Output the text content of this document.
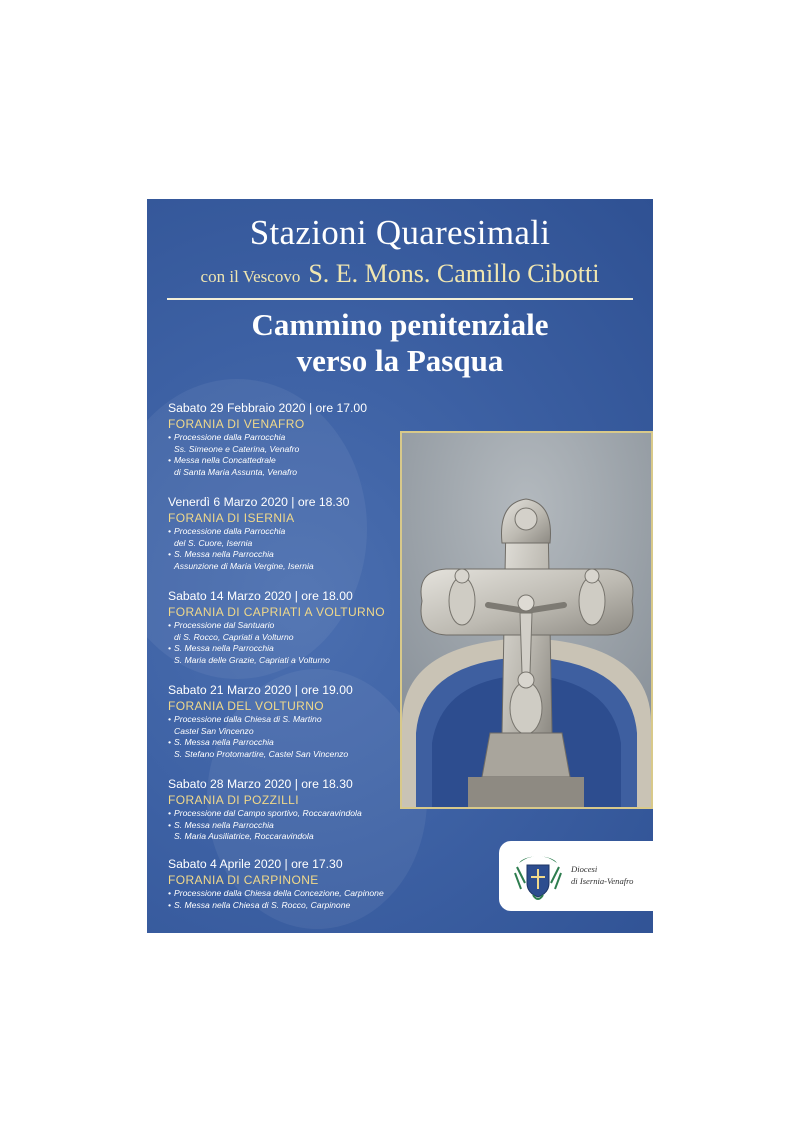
Stazioni Quaresimali
con il Vescovo S. E. Mons. Camillo Cibotti
Cammino penitenziale
verso la Pasqua
Sabato 29 Febbraio 2020 | ore 17.00
FORANIA DI VENAFRO
• Processione dalla Parrocchia
Ss. Simeone e Caterina, Venafro
• Messa nella Concattedrale
di Santa Maria Assunta, Venafro
Venerdì 6 Marzo 2020 | ore 18.30
FORANIA DI ISERNIA
• Processione dalla Parrocchia
del S. Cuore, Isernia
• S. Messa nella Parrocchia
Assunzione di Maria Vergine, Isernia
Sabato 14 Marzo 2020 | ore 18.00
FORANIA DI CAPRIATI A VOLTURNO
• Processione dal Santuario
di S. Rocco, Capriati a Volturno
• S. Messa nella Parrocchia
S. Maria delle Grazie, Capriati a Volturno
Sabato 21 Marzo 2020 | ore 19.00
FORANIA DEL VOLTURNO
• Processione dalla Chiesa di S. Martino
Castel San Vincenzo
• S. Messa nella Parrocchia
S. Stefano Protomartire, Castel San Vincenzo
Sabato 28 Marzo 2020 | ore 18.30
FORANIA DI POZZILLI
• Processione dal Campo sportivo, Roccaravindola
• S. Messa nella Parrocchia
S. Maria Ausiliatrice, Roccaravindola
Sabato 4 Aprile 2020 | ore 17.30
FORANIA DI CARPINONE
• Processione dalla Chiesa della Concezione, Carpinone
• S. Messa nella Chiesa di S. Rocco, Carpinone
Diocesi
di Isernia-Venafro
